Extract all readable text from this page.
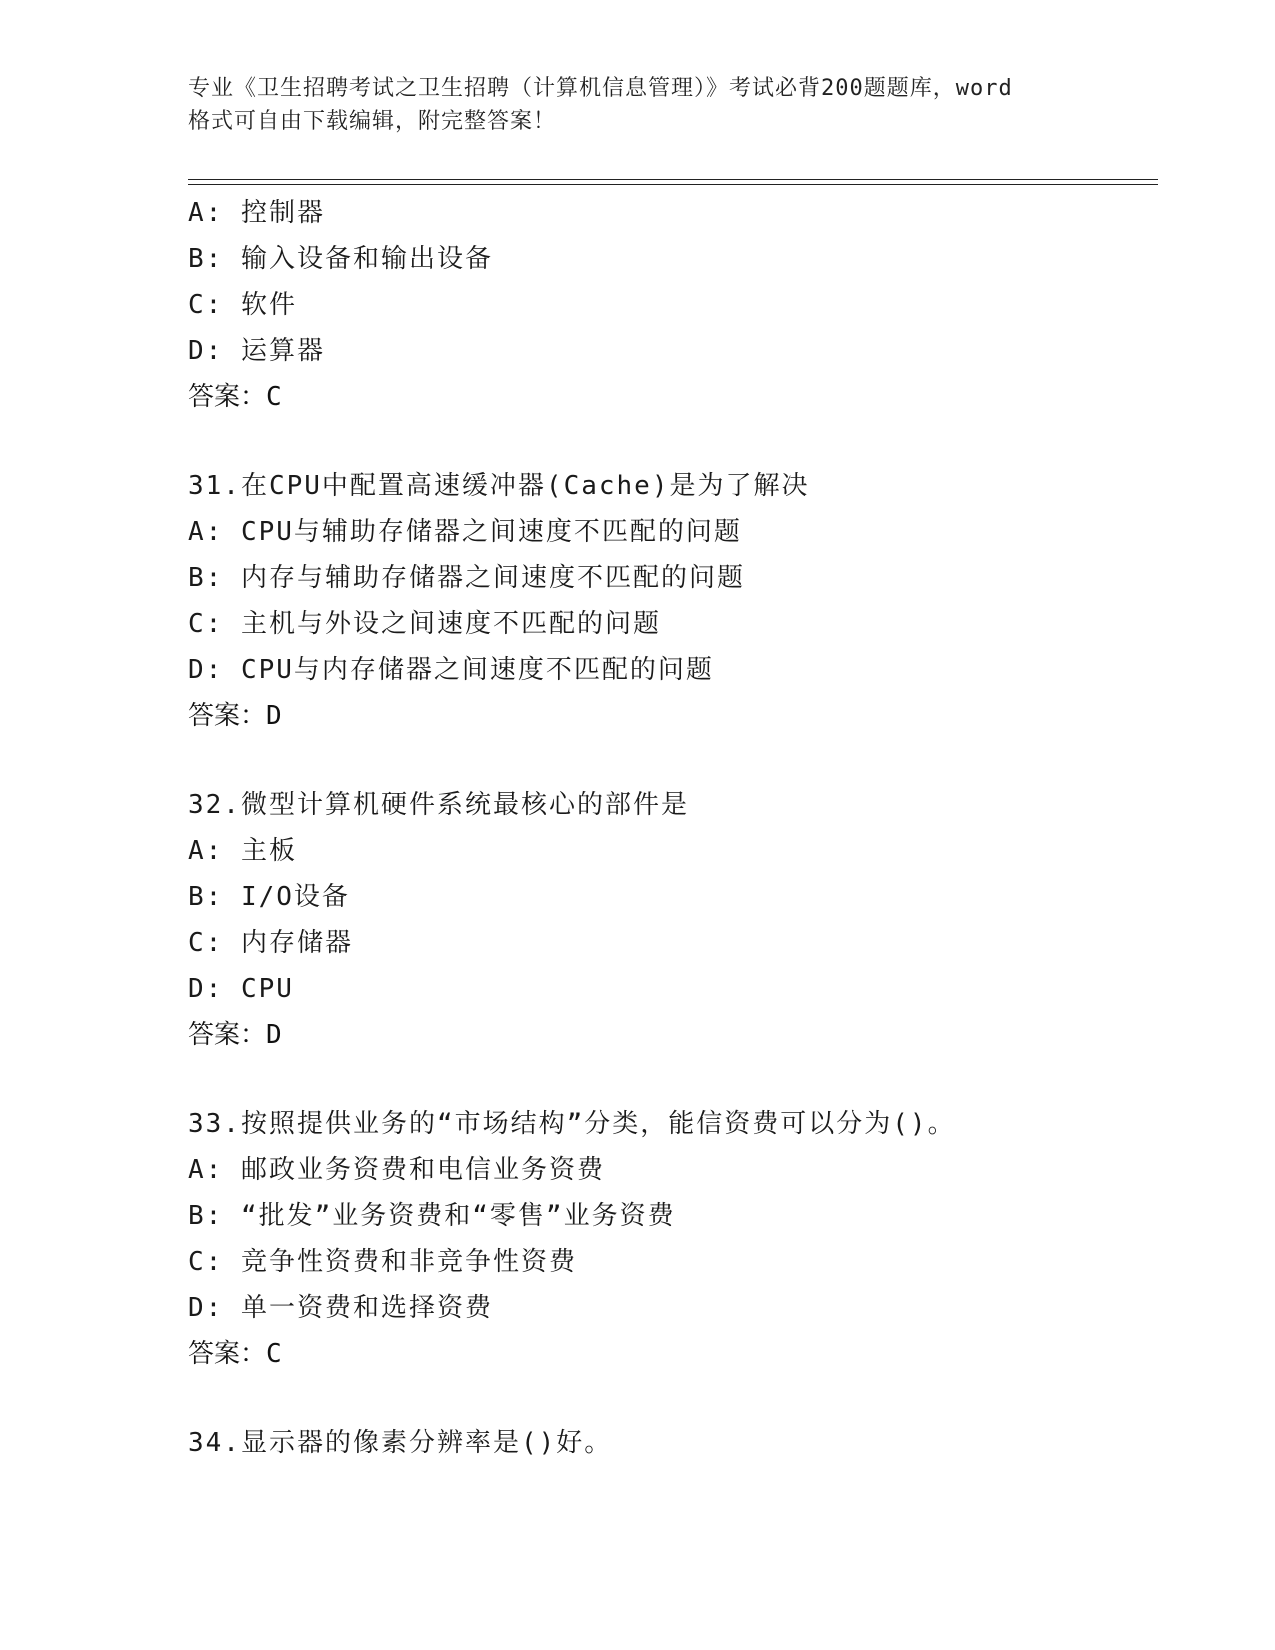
专业《卫生招聘考试之卫生招聘（计算机信息管理）》考试必背200题题库，word
格式可自由下载编辑，附完整答案！
A: 控制器
B: 输入设备和输出设备
C: 软件
D: 运算器
答案：C
31.在CPU中配置高速缓冲器(Cache)是为了解决
A: CPU与辅助存储器之间速度不匹配的问题
B: 内存与辅助存储器之间速度不匹配的问题
C: 主机与外设之间速度不匹配的问题
D: CPU与内存储器之间速度不匹配的问题
答案：D
32.微型计算机硬件系统最核心的部件是
A: 主板
B: I/O设备
C: 内存储器
D: CPU
答案：D
33.按照提供业务的“市场结构”分类，能信资费可以分为()。
A: 邮政业务资费和电信业务资费
B: “批发”业务资费和“零售”业务资费
C: 竞争性资费和非竞争性资费
D: 单一资费和选择资费
答案：C
34.显示器的像素分辨率是()好。
